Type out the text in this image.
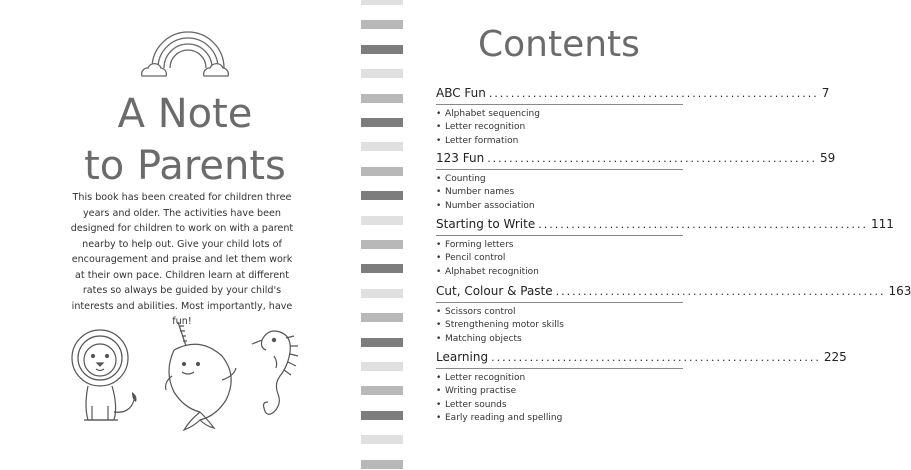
A Note
to Parents
This book has been created for children three years and older. The activities have been designed for children to work on with a parent nearby to help out. Give your child lots of encouragement and praise and let them work at their own pace. Children learn at different rates so always be guided by your child's interests and abilities. Most importantly, have fun!
Contents
ABC Fun ............................................................ 7
• Alphabet sequencing
• Letter recognition
• Letter formation
123 Fun ............................................................ 59
• Counting
• Number names
• Number association
Starting to Write ............................................................ 111
• Forming letters
• Pencil control
• Alphabet recognition
Cut, Colour & Paste ............................................................ 163
• Scissors control
• Strengthening motor skills
• Matching objects
Learning ............................................................ 225
• Letter recognition
• Writing practise
• Letter sounds
• Early reading and spelling
